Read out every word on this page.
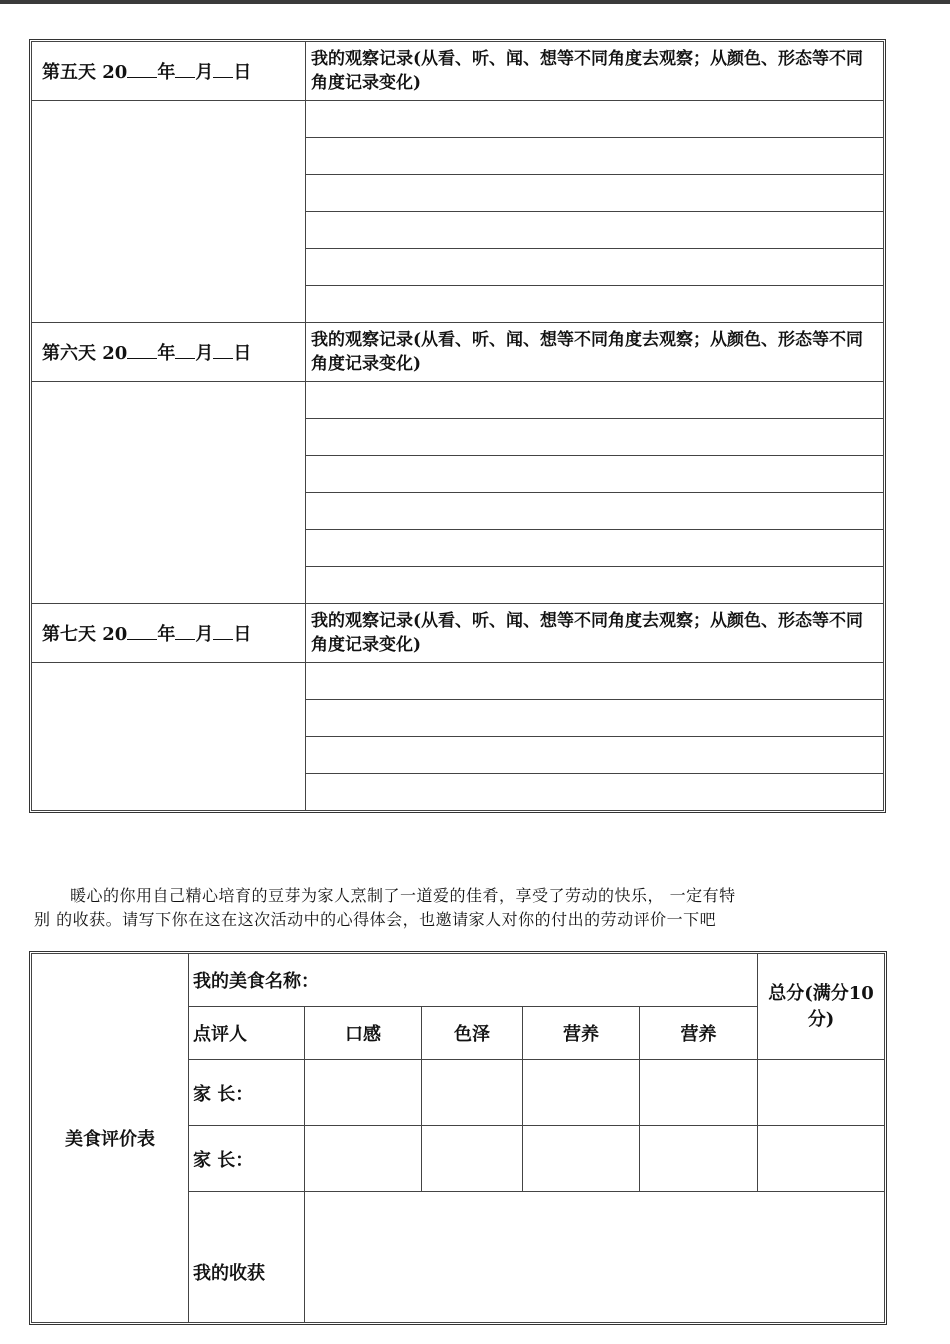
第五天 20 年 月 日	我的观察记录(从看、听、闻、想等不同角度去观察；从颜色、形态等不同角度记录变化)

第六天 20 年 月 日	我的观察记录(从看、听、闻、想等不同角度去观察；从颜色、形态等不同角度记录变化)

第七天 20 年 月 日	我的观察记录(从看、听、闻、想等不同角度去观察；从颜色、形态等不同角度记录变化)

暖心的你用自己精心培育的豆芽为家人烹制了一道爱的佳肴，享受了劳动的快乐， 一定有特

别 的收获。请写下你在这在这次活动中的心得体会，也邀请家人对你的付出的劳动评价一下吧

美食评价表	我的美食名称：					总分(满分10分)
	点评人	口感	色泽	营养	营养	
	家 长：					
	家 长：					
	我的收获					
